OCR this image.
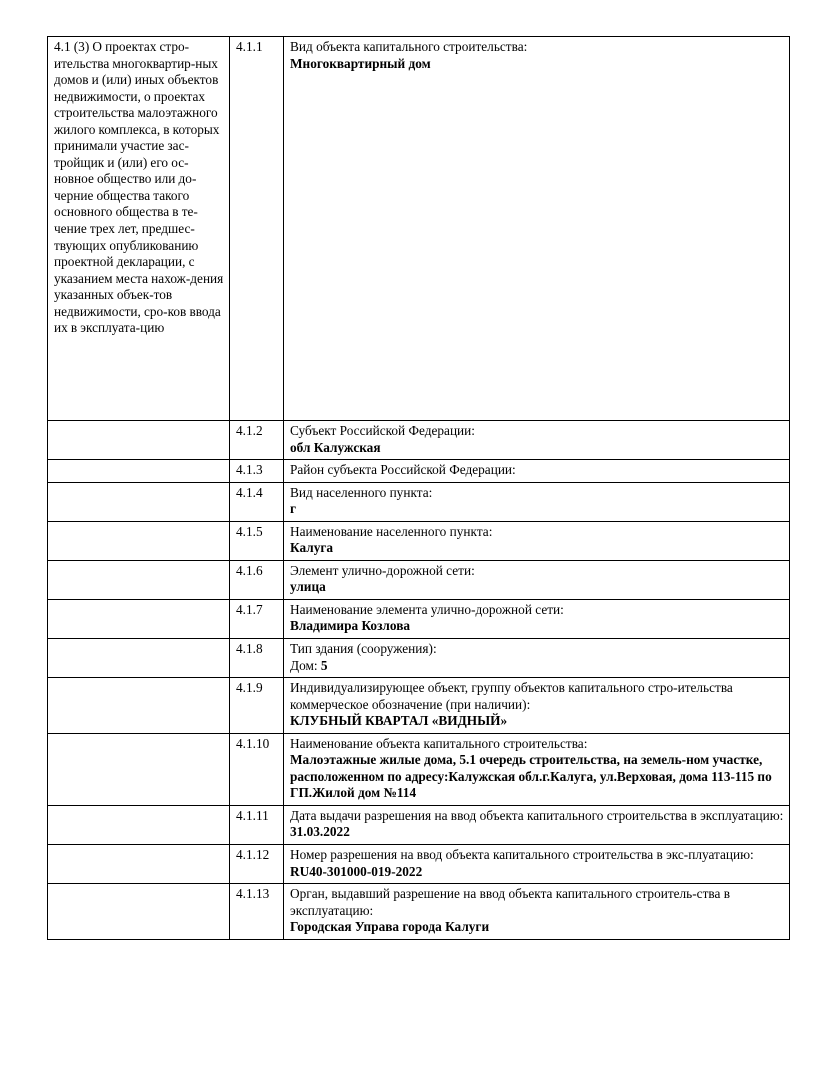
4.1 (3) О проектах стро-ительства многоквартир-ных домов и (или) иных объектов недвижимости, о проектах строительства малоэтажного жилого комплекса, в которых принимали участие зас-тройщик и (или) его ос-новное общество или до-черние общества такого основного общества в те-чение трех лет, предшес-твующих опубликованию проектной декларации, с указанием места нахож-дения указанных объек-тов недвижимости, сро-ков ввода их в эксплуата-цию	4.1.1	Вид объекта капитального строительства:
Многоквартирный дом

	4.1.2	Субъект Российской Федерации:
обл Калужская

	4.1.3	Район субъекта Российской Федерации:

	4.1.4	Вид населенного пункта:
г

	4.1.5	Наименование населенного пункта:
Калуга

	4.1.6	Элемент улично-дорожной сети:
улица

	4.1.7	Наименование элемента улично-дорожной сети:
Владимира Козлова

	4.1.8	Тип здания (сооружения):
Дом: 5
	4.1.9	Индивидуализирующее объект, группу объектов капитального стро-ительства коммерческое обозначение (при наличии):
КЛУБНЫЙ КВАРТАЛ «ВИДНЫЙ»

	4.1.10	Наименование объекта капитального строительства:
Малоэтажные жилые дома, 5.1 очередь строительства, на земель-ном участке, расположенном по адресу:Калужская обл.г.Калуга, ул.Верховая, дома 113-115 по ГП.Жилой дом №114

	4.1.11	Дата выдачи разрешения на ввод объекта капитального строительства в эксплуатацию:
31.03.2022

	4.1.12	Номер разрешения на ввод объекта капитального строительства в экс-плуатацию:
RU40-301000-019-2022

	4.1.13	Орган, выдавший разрешение на ввод объекта капитального строитель-ства в эксплуатацию:
Городская Управа города Калуги
